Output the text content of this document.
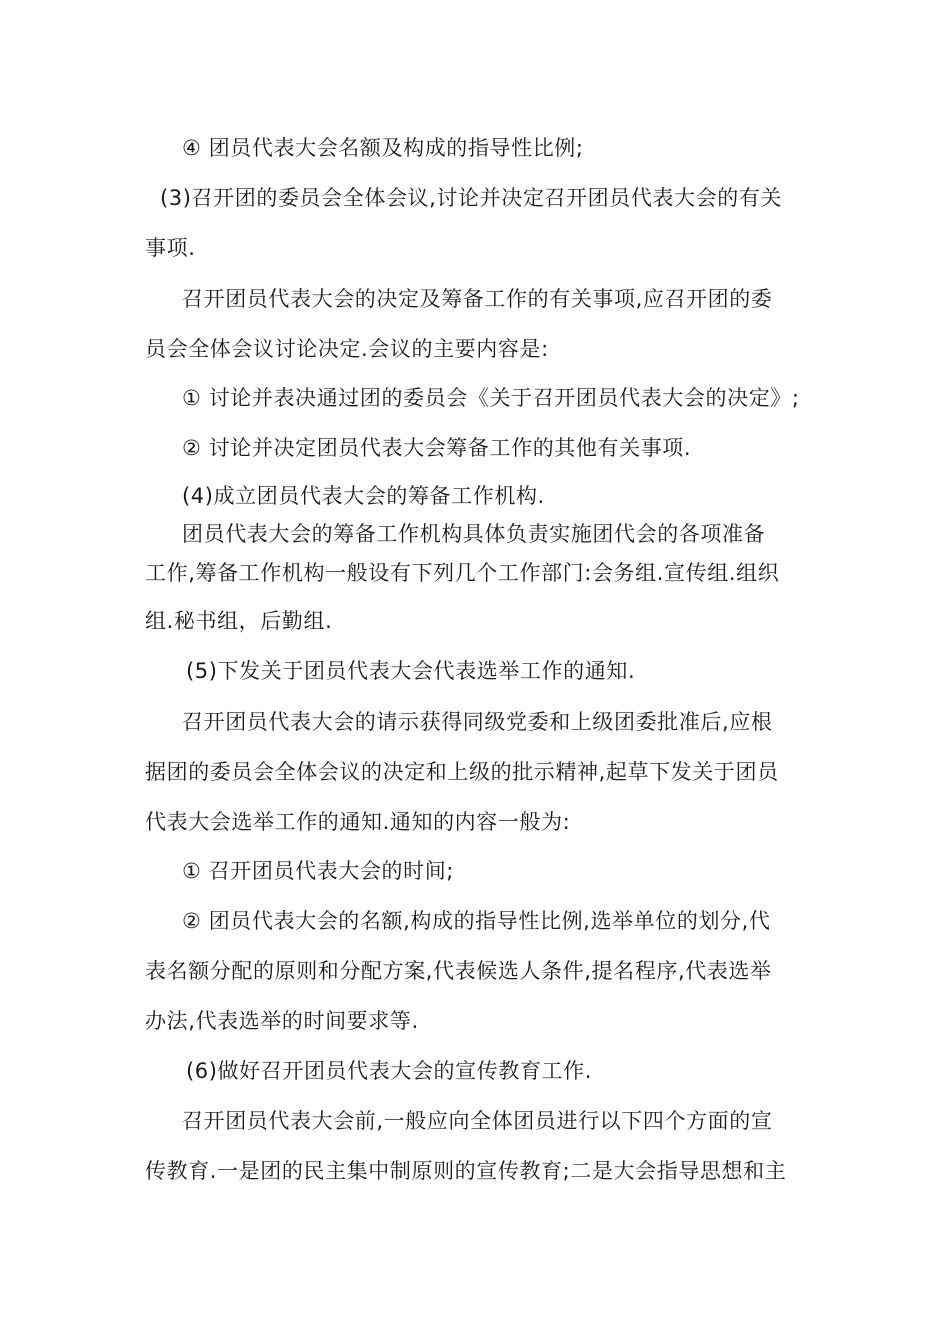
④ 团员代表大会名额及构成的指导性比例;

(3)召开团的委员会全体会议,讨论并决定召开团员代表大会的有关

事项.

召开团员代表大会的决定及筹备工作的有关事项,应召开团的委

员会全体会议讨论决定.会议的主要内容是:

① 讨论并表决通过团的委员会《关于召开团员代表大会的决定》;

② 讨论并决定团员代表大会筹备工作的其他有关事项.

(4)成立团员代表大会的筹备工作机构.

团员代表大会的筹备工作机构具体负责实施团代会的各项准备

工作,筹备工作机构一般设有下列几个工作部门:会务组.宣传组.组织

组.秘书组，后勤组.

(5)下发关于团员代表大会代表选举工作的通知.

召开团员代表大会的请示获得同级党委和上级团委批准后,应根

据团的委员会全体会议的决定和上级的批示精神,起草下发关于团员

代表大会选举工作的通知.通知的内容一般为:

① 召开团员代表大会的时间;

② 团员代表大会的名额,构成的指导性比例,选举单位的划分,代

表名额分配的原则和分配方案,代表候选人条件,提名程序,代表选举

办法,代表选举的时间要求等.

(6)做好召开团员代表大会的宣传教育工作.

召开团员代表大会前,一般应向全体团员进行以下四个方面的宣

传教育.一是团的民主集中制原则的宣传教育;二是大会指导思想和主
